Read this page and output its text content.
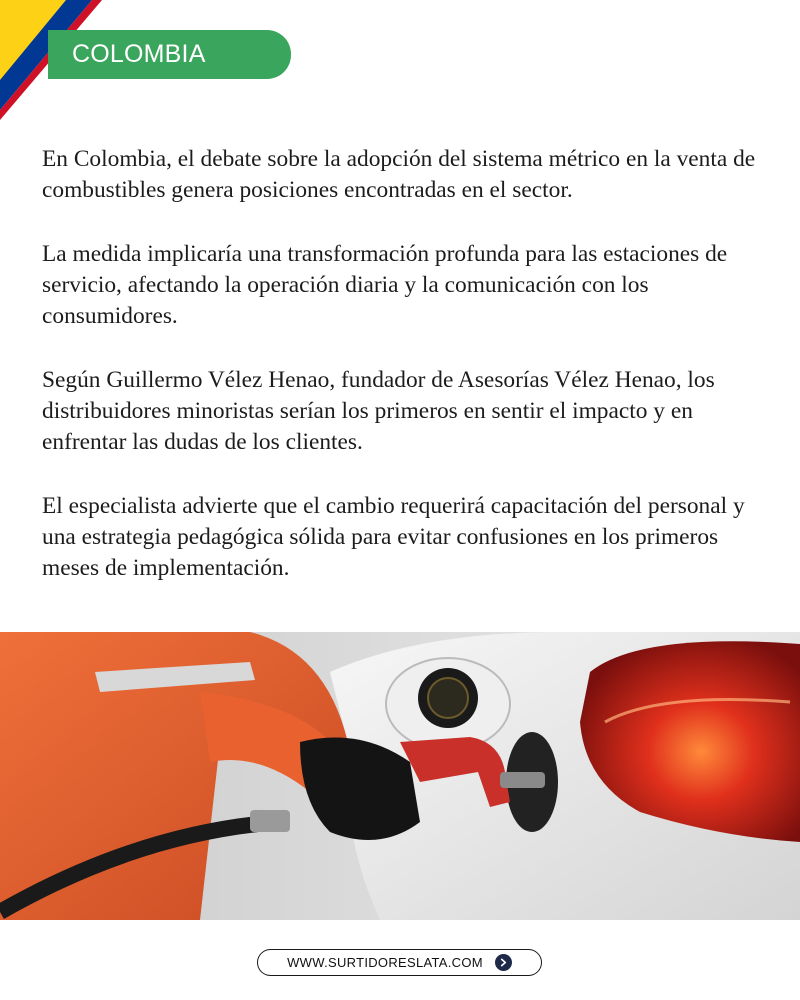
COLOMBIA

En Colombia, el debate sobre la adopción del sistema métrico en la venta de combustibles genera posiciones encontradas en el sector.

La medida implicaría una transformación profunda para las estaciones de servicio, afectando la operación diaria y la comunicación con los consumidores.

Según Guillermo Vélez Henao, fundador de Asesorías Vélez Henao, los distribuidores minoristas serían los primeros en sentir el impacto y en enfrentar las dudas de los clientes.

El especialista advierte que el cambio requerirá capacitación del personal y una estrategia pedagógica sólida para evitar confusiones en los primeros meses de implementación.

WWW.SURTIDORESLATA.COM
